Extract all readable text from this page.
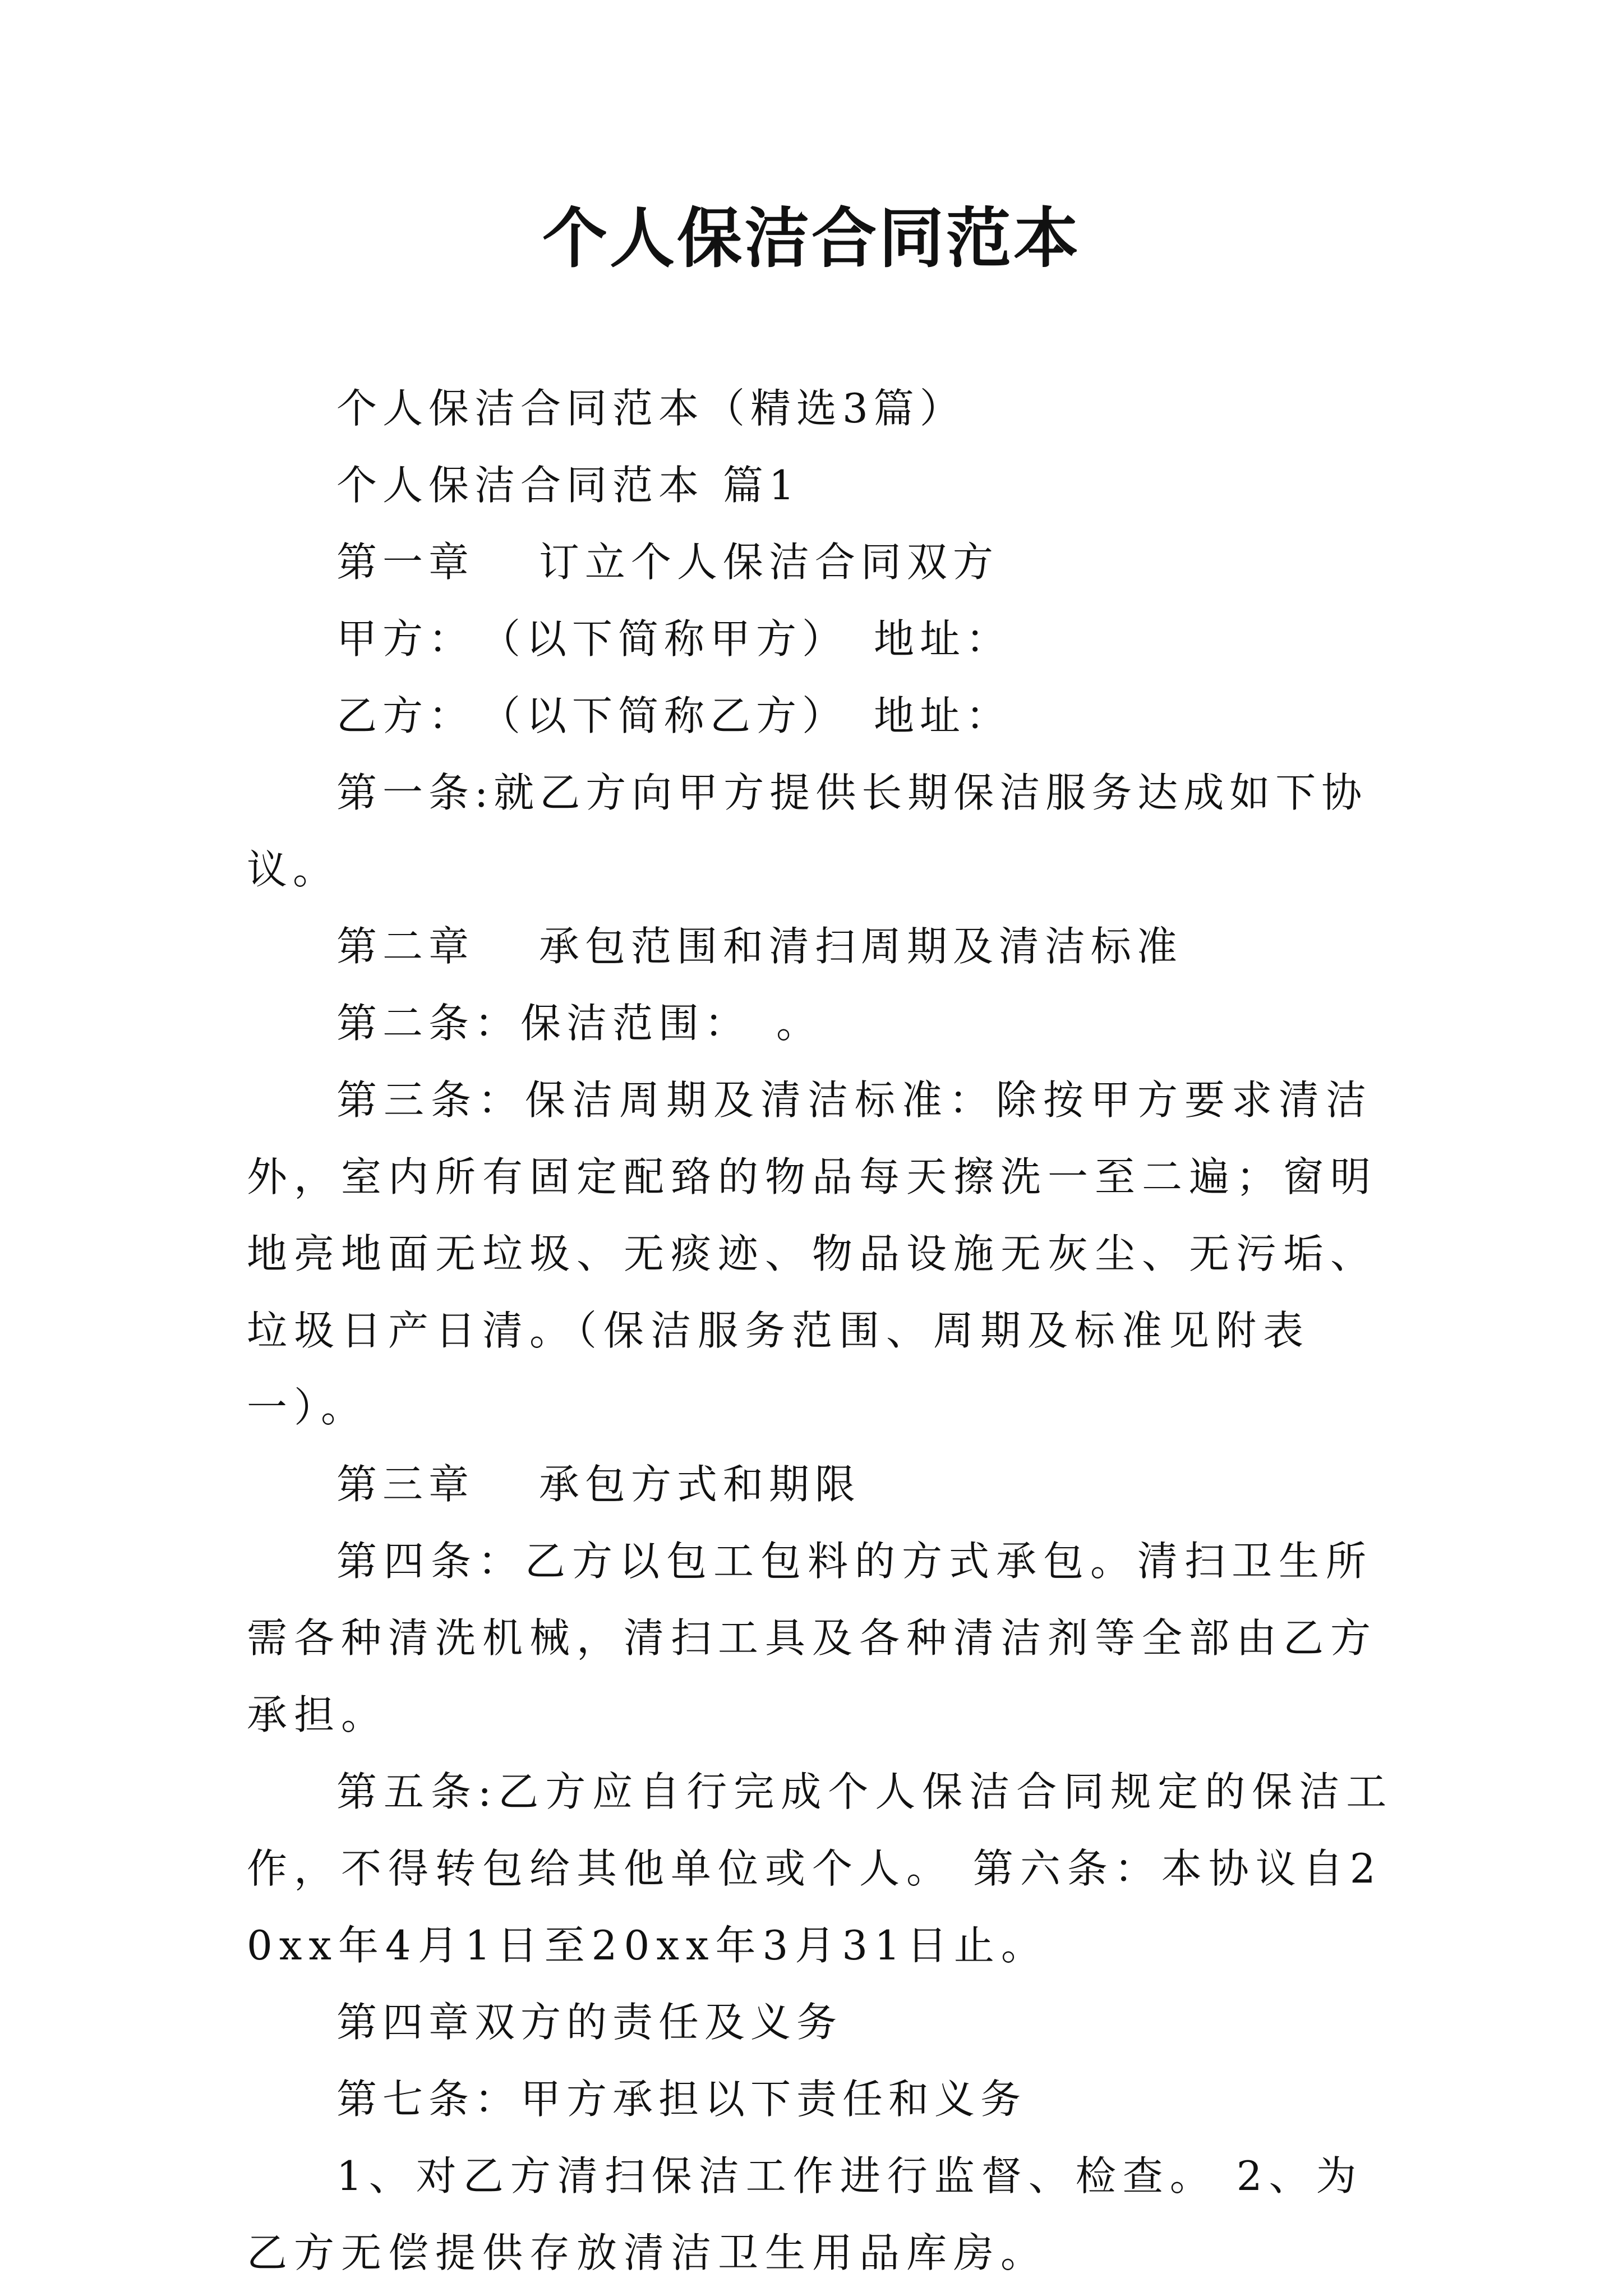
个人保洁合同范本

个人保洁合同范本（精选3篇）

个人保洁合同范本 篇1

第一章　 订立个人保洁合同双方

甲方：　（以下简称甲方）　地址：

乙方：　（以下简称乙方）　地址：

第一条:就乙方向甲方提供长期保洁服务达成如下协议。

第二章　 承包范围和清扫周期及清洁标准

第二条：保洁范围：　。

第三条：保洁周期及清洁标准：除按甲方要求清洁外，室内所有固定配臵的物品每天擦洗一至二遍；窗明地亮地面无垃圾、无痰迹、物品设施无灰尘、无污垢、垃圾日产日清。（保洁服务范围、周期及标准见附表一）。

第三章　 承包方式和期限

第四条：乙方以包工包料的方式承包。清扫卫生所需各种清洗机械，清扫工具及各种清洁剂等全部由乙方承担。

第五条:乙方应自行完成个人保洁合同规定的保洁工作，不得转包给其他单位或个人。 第六条：本协议自20xx年4月1日至20xx年3月31日止。

第四章双方的责任及义务

第七条：甲方承担以下责任和义务

1、对乙方清扫保洁工作进行监督、检查。 2、为乙方无偿提供存放清洁卫生用品库房。
